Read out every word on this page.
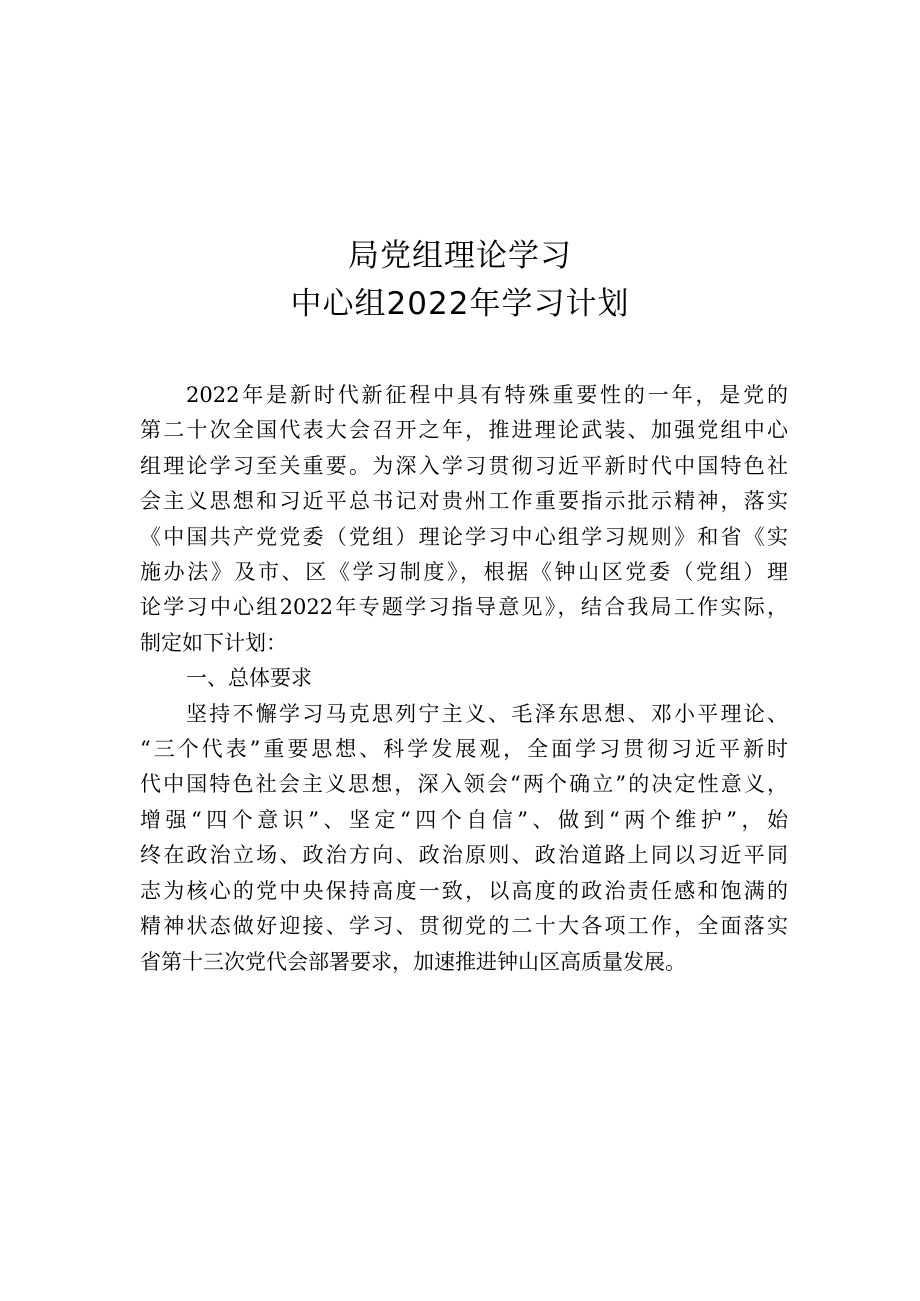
局党组理论学习
中心组2022年学习计划
2022年是新时代新征程中具有特殊重要性的一年，是党的
第二十次全国代表大会召开之年，推进理论武装、加强党组中心
组理论学习至关重要。为深入学习贯彻习近平新时代中国特色社
会主义思想和习近平总书记对贵州工作重要指示批示精神，落实
《中国共产党党委（党组）理论学习中心组学习规则》和省《实
施办法》及市、区《学习制度》，根据《钟山区党委（党组）理
论学习中心组2022年专题学习指导意见》，结合我局工作实际，
制定如下计划：
一、总体要求
坚持不懈学习马克思列宁主义、毛泽东思想、邓小平理论、
“三个代表”重要思想、科学发展观，全面学习贯彻习近平新时
代中国特色社会主义思想，深入领会“两个确立”的决定性意义，
增强“四个意识”、坚定“四个自信”、做到“两个维护”，始
终在政治立场、政治方向、政治原则、政治道路上同以习近平同
志为核心的党中央保持高度一致，以高度的政治责任感和饱满的
精神状态做好迎接、学习、贯彻党的二十大各项工作，全面落实
省第十三次党代会部署要求，加速推进钟山区高质量发展。
